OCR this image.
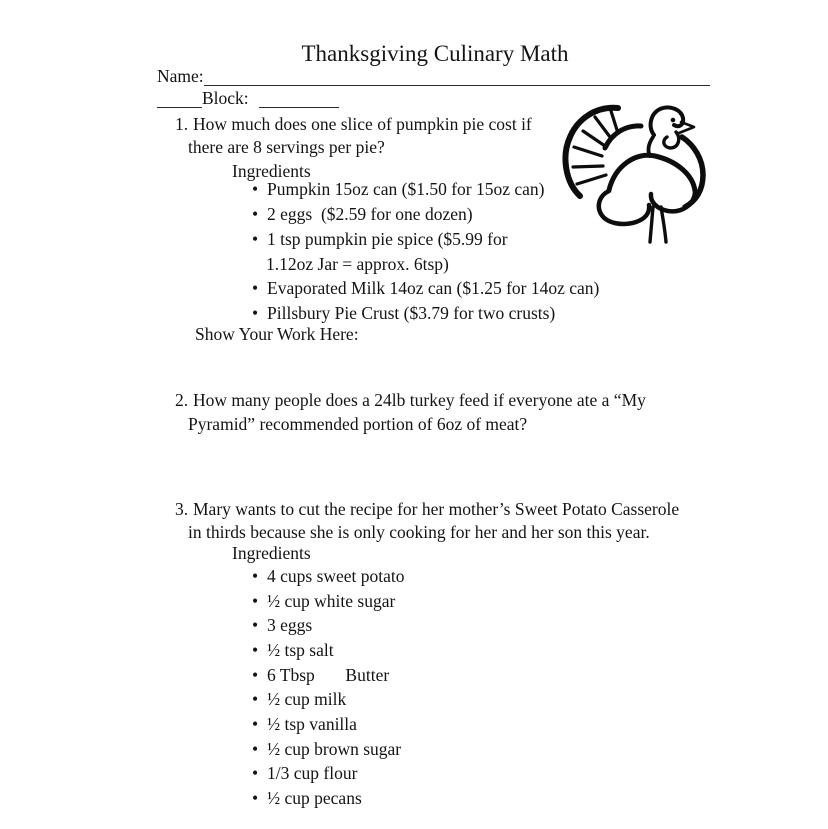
Thanksgiving Culinary Math
Name:
Block:
1. How much does one slice of pumpkin pie cost if
there are 8 servings per pie?
Ingredients
• Pumpkin 15oz can ($1.50 for 15oz can)
• 2 eggs  ($2.59 for one dozen)
• 1 tsp pumpkin pie spice ($5.99 for
1.12oz Jar = approx. 6tsp)
• Evaporated Milk 14oz can ($1.25 for 14oz can)
• Pillsbury Pie Crust ($3.79 for two crusts)
Show Your Work Here:
2. How many people does a 24lb turkey feed if everyone ate a “My
Pyramid” recommended portion of 6oz of meat?
3. Mary wants to cut the recipe for her mother’s Sweet Potato Casserole
in thirds because she is only cooking for her and her son this year.
Ingredients
• 4 cups sweet potato
• ½ cup white sugar
• 3 eggs
• ½ tsp salt
• 6 Tbsp       Butter
• ½ cup milk
• ½ tsp vanilla
• ½ cup brown sugar
• 1/3 cup flour
• ½ cup pecans
